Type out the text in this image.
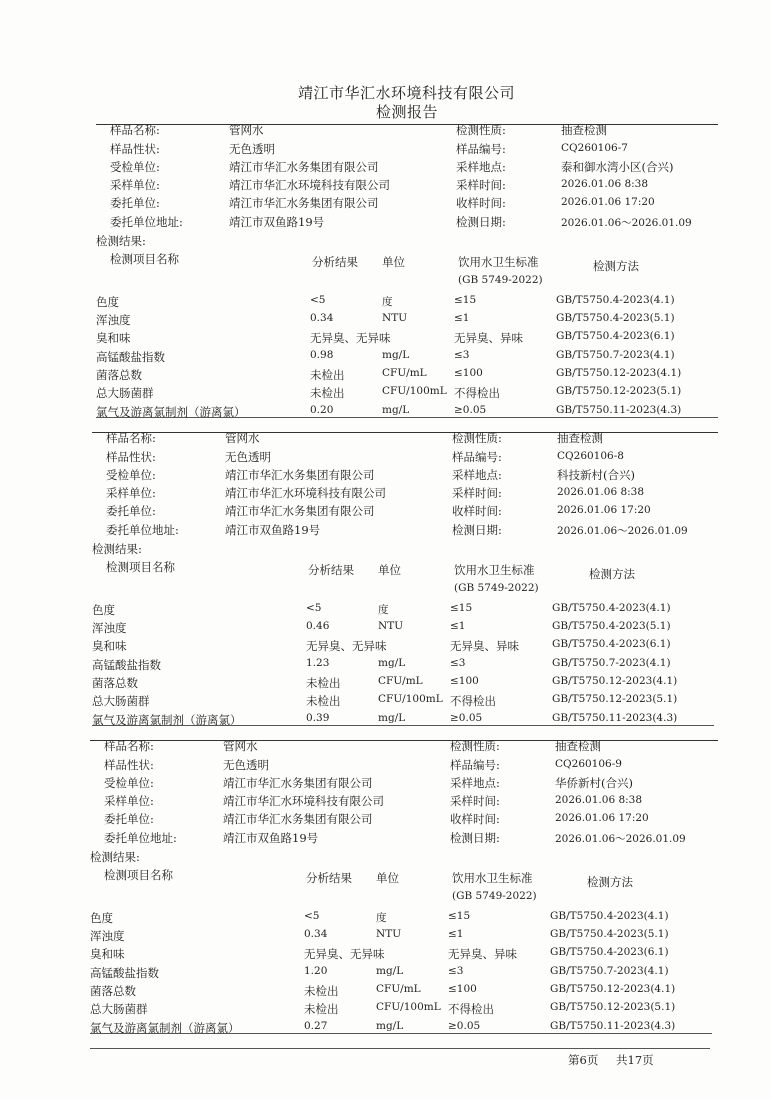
靖江市华汇水环境科技有限公司
检测报告
样品名称:	管网水
样品性状:	无色透明
受检单位:	靖江市华汇水务集团有限公司
采样单位:	靖江市华汇水环境科技有限公司
委托单位:	靖江市华汇水务集团有限公司
委托单位地址:	靖江市双鱼路19号
检测性质:	抽查检测
样品编号:	CQ260106-7
采样地点:	泰和御水湾小区(合兴)
采样时间:	2026.01.06 8:38
收样时间:	2026.01.06 17:20
检测日期:	2026.01.06～2026.01.09
检测结果:
检测项目名称	分析结果 单位	饮用水卫生标准
(GB 5749-2022)
检测方法
色度	<5	度	≤15	GB/T5750.4-2023(4.1)
浑浊度	0.34	NTU	≤1	GB/T5750.4-2023(5.1)
臭和味	无异臭、无异味	无异臭、异味	GB/T5750.4-2023(6.1)
高锰酸盐指数	0.98	mg/L	≤3	GB/T5750.7-2023(4.1)
菌落总数	未检出	CFU/mL	≤100	GB/T5750.12-2023(4.1)
总大肠菌群	未检出	CFU/100mL 不得检出	GB/T5750.12-2023(5.1)
氯气及游离氯制剂（游离氯）	0.20	mg/L	≥0.05	GB/T5750.11-2023(4.3)
样品名称:	管网水
样品性状:	无色透明
受检单位:	靖江市华汇水务集团有限公司
采样单位:	靖江市华汇水环境科技有限公司
委托单位:	靖江市华汇水务集团有限公司
委托单位地址:	靖江市双鱼路19号
检测性质:	抽查检测
样品编号:	CQ260106-8
采样地点:	科技新村(合兴)
采样时间:	2026.01.06 8:38
收样时间:	2026.01.06 17:20
检测日期:	2026.01.06～2026.01.09
检测结果:
检测项目名称	分析结果 单位	饮用水卫生标准
(GB 5749-2022)
检测方法
色度	<5	度	≤15	GB/T5750.4-2023(4.1)
浑浊度	0.46	NTU	≤1	GB/T5750.4-2023(5.1)
臭和味	无异臭、无异味	无异臭、异味	GB/T5750.4-2023(6.1)
高锰酸盐指数	1.23	mg/L	≤3	GB/T5750.7-2023(4.1)
菌落总数	未检出	CFU/mL	≤100	GB/T5750.12-2023(4.1)
总大肠菌群	未检出	CFU/100mL 不得检出	GB/T5750.12-2023(5.1)
氯气及游离氯制剂（游离氯）	0.39	mg/L	≥0.05	GB/T5750.11-2023(4.3)
样品名称:	管网水
样品性状:	无色透明
受检单位:	靖江市华汇水务集团有限公司
采样单位:	靖江市华汇水环境科技有限公司
委托单位:	靖江市华汇水务集团有限公司
委托单位地址:	靖江市双鱼路19号
检测性质:	抽查检测
样品编号:	CQ260106-9
采样地点:	华侨新村(合兴)
采样时间:	2026.01.06 8:38
收样时间:	2026.01.06 17:20
检测日期:	2026.01.06～2026.01.09
检测结果:
检测项目名称	分析结果 单位	饮用水卫生标准
(GB 5749-2022)
检测方法
色度	<5	度	≤15	GB/T5750.4-2023(4.1)
浑浊度	0.34	NTU	≤1	GB/T5750.4-2023(5.1)
臭和味	无异臭、无异味	无异臭、异味	GB/T5750.4-2023(6.1)
高锰酸盐指数	1.20	mg/L	≤3	GB/T5750.7-2023(4.1)
菌落总数	未检出	CFU/mL	≤100	GB/T5750.12-2023(4.1)
总大肠菌群	未检出	CFU/100mL 不得检出	GB/T5750.12-2023(5.1)
氯气及游离氯制剂（游离氯）	0.27	mg/L	≥0.05	GB/T5750.11-2023(4.3)
第6页 共17页
